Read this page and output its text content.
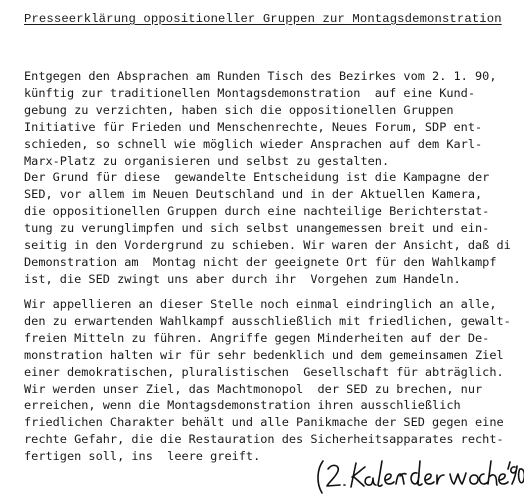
Presseerklärung oppositioneller Gruppen zur Montagsdemonstration
Entgegen den Absprachen am Runden Tisch des Bezirkes vom 2. 1. 90,
künftig zur traditionellen Montagsdemonstration  auf eine Kund-
gebung zu verzichten, haben sich die oppositionellen Gruppen
Initiative für Frieden und Menschenrechte, Neues Forum, SDP ent-
schieden, so schnell wie möglich wieder Ansprachen auf dem Karl-
Marx-Platz zu organisieren und selbst zu gestalten.
Der Grund für diese  gewandelte Entscheidung ist die Kampagne der
SED, vor allem im Neuen Deutschland und in der Aktuellen Kamera,
die oppositionellen Gruppen durch eine nachteilige Berichterstat-
tung zu verunglimpfen und sich selbst unangemessen breit und ein-
seitig in den Vordergrund zu schieben. Wir waren der Ansicht, daß di
Demonstration am  Montag nicht der geeignete Ort für den Wahlkampf
ist, die SED zwingt uns aber durch ihr  Vorgehen zum Handeln.
Wir appellieren an dieser Stelle noch einmal eindringlich an alle,
den zu erwartenden Wahlkampf ausschließlich mit friedlichen, gewalt-
freien Mitteln zu führen. Angriffe gegen Minderheiten auf der De-
monstration halten wir für sehr bedenklich und dem gemeinsamen Ziel
einer demokratischen, pluralistischen  Gesellschaft für abträglich.
Wir werden unser Ziel, das Machtmonopol  der SED zu brechen, nur
erreichen, wenn die Montagsdemonstration ihren ausschließlich
friedlichen Charakter behält und alle Panikmache der SED gegen eine
rechte Gefahr, die die Restauration des Sicherheitsapparates recht-
fertigen soll, ins  leere greift.
